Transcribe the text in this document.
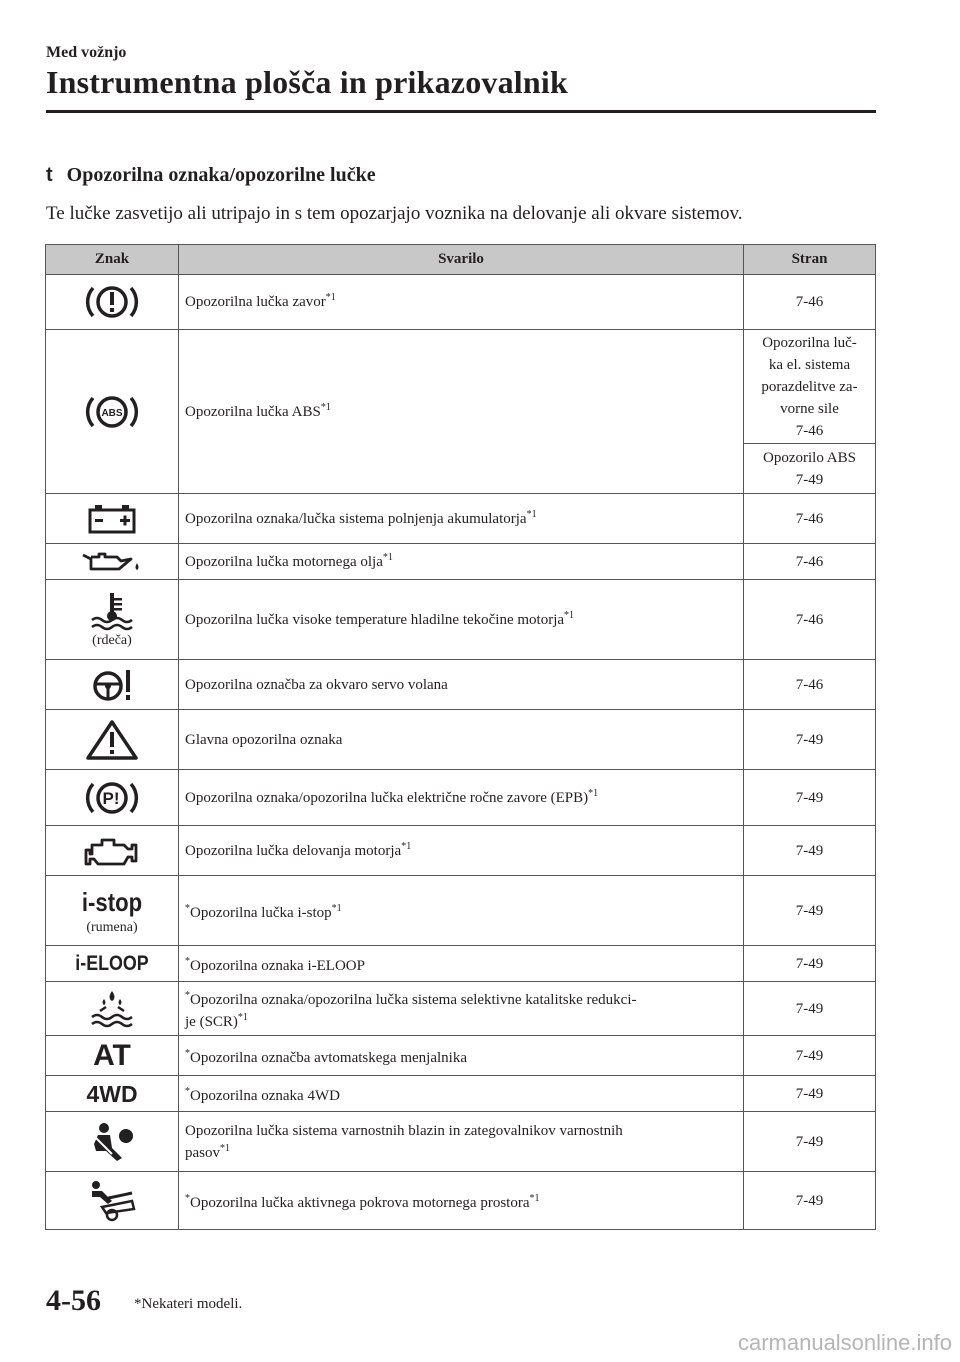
Med vožnjo
Instrumentna plošča in prikazovalnik
t Opozorilna oznaka/opozorilne lučke
Te lučke zasvetijo ali utripajo in s tem opozarjajo voznika na delovanje ali okvare sistemov.
Znak	Svarilo	Stran

	Opozorilna lučka zavor$^{*1}$	7-46

ABS	Opozorilna lučka ABS$^{*1}$	Opozorilna luč-
ka el. sistema
porazdelitve za-
vorne sile
7-46
		Opozorilo ABS
7-49

	Opozorilna oznaka/lučka sistema polnjenja akumulatorja$^{*1}$	7-46

	Opozorilna lučka motornega olja$^{*1}$	7-46

(rdeča)	Opozorilna lučka visoke temperature hladilne tekočine motorja$^{*1}$	7-46

	Opozorilna označba za okvaro servo volana	7-46

	Glavna opozorilna oznaka	7-49

P!	Opozorilna oznaka/opozorilna lučka električne ročne zavore (EPB)$^{*1}$	7-49

	Opozorilna lučka delovanja motorja$^{*1}$	7-49

i-stop
(rumena)	*Opozorilna lučka i-stop$^{*1}$	7-49

i-ELOOP	*Opozorilna oznaka i-ELOOP	7-49

	*Opozorilna oznaka/opozorilna lučka sistema selektivne katalitske redukci-
je (SCR)$^{*1}$	7-49

AT	*Opozorilna označba avtomatskega menjalnika	7-49

4WD	*Opozorilna oznaka 4WD	7-49

	Opozorilna lučka sistema varnostnih blazin in zategovalnikov varnostnih
pasov$^{*1}$	7-49

	*Opozorilna lučka aktivnega pokrova motornega prostora$^{*1}$	7-49
4-56 *Nekateri modeli.
carmanualsonline.info
